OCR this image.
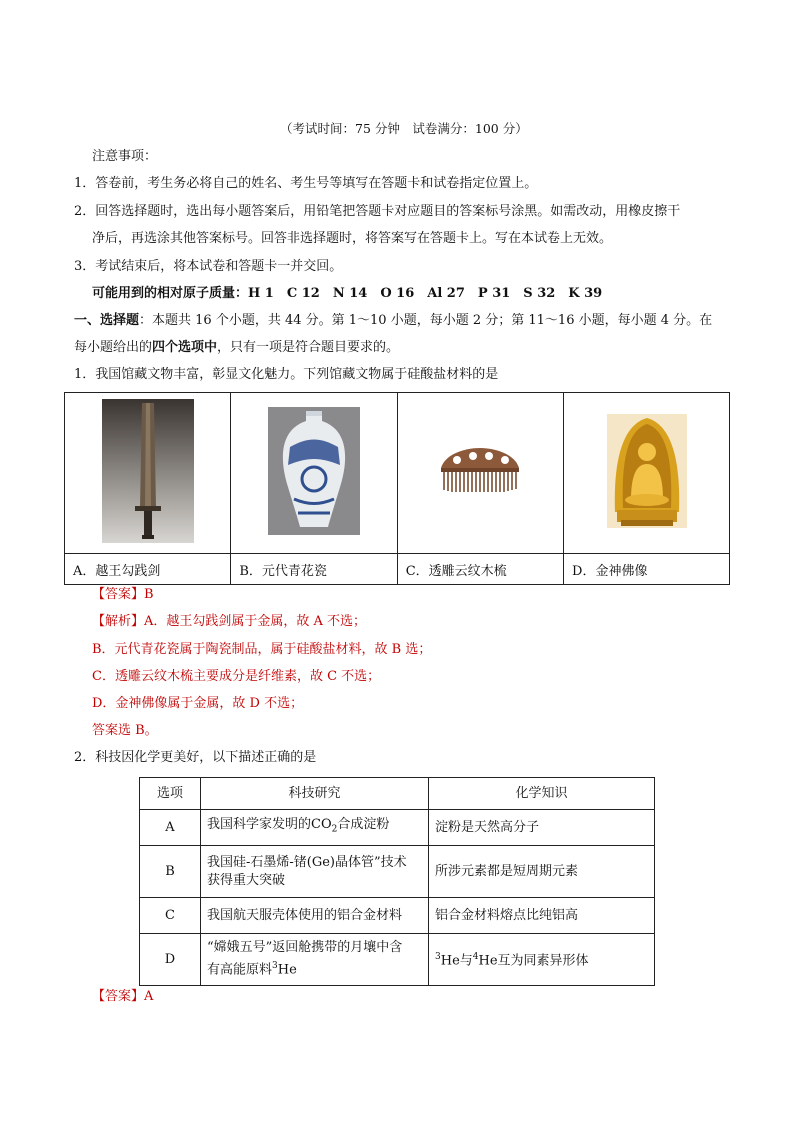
（考试时间：75 分钟　试卷满分：100 分）
注意事项：
1．答卷前，考生务必将自己的姓名、考生号等填写在答题卡和试卷指定位置上。
2．回答选择题时，选出每小题答案后，用铅笔把答题卡对应题目的答案标号涂黑。如需改动，用橡皮擦干
净后，再选涂其他答案标号。回答非选择题时，将答案写在答题卡上。写在本试卷上无效。
3．考试结束后，将本试卷和答题卡一并交回。
可能用到的相对原子质量：H 1　C 12　N 14　O 16　Al 27　P 31　S 32　K 39
一、选择题：本题共 16 个小题，共 44 分。第 1～10 小题，每小题 2 分；第 11～16 小题，每小题 4 分。在
每小题给出的四个选项中，只有一项是符合题目要求的。
1．我国馆藏文物丰富，彰显文化魅力。下列馆藏文物属于硅酸盐材料的是

A．越王勾践剑	B．元代青花瓷	C．透雕云纹木梳	D．金神佛像
【答案】B
【解析】A．越王勾践剑属于金属，故 A 不选；
B．元代青花瓷属于陶瓷制品，属于硅酸盐材料，故 B 选；
C．透雕云纹木梳主要成分是纤维素，故 C 不选；
D．金神佛像属于金属，故 D 不选；
答案选 B。
2．科技因化学更美好，以下描述正确的是
选项	科技研究	化学知识
A	我国科学家发明的$CO_2$合成淀粉	淀粉是天然高分子
B	我国硅-石墨烯-锗(Ge)晶体管”技术
获得重大突破	所涉元素都是短周期元素
C	我国航天服壳体使用的铝合金材料	铝合金材料熔点比纯铝高
D	“嫦娥五号”返回舱携带的月壤中含
有高能原料$^3$He	$^3$He与$^4$He互为同素异形体
【答案】A
